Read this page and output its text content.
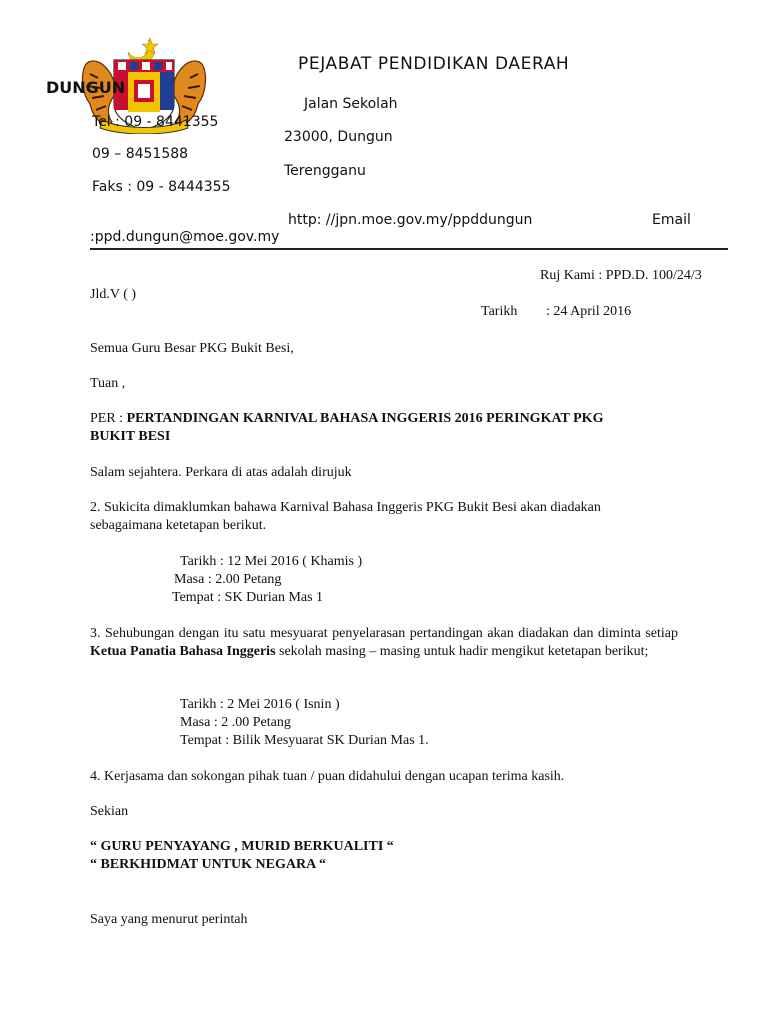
PEJABAT PENDIDIKAN DAERAH
DUNGUN
Jalan Sekolah
Tel : 09 - 8441355
23000, Dungun
09 – 8451588
Terengganu
Faks : 09 - 8444355
http: //jpn.moe.gov.my/ppddungun	Email
:ppd.dungun@moe.gov.my
Ruj Kami : PPD.D. 100/24/3
Jld.V ( )
Tarikh : 24 April 2016
Semua Guru Besar PKG Bukit Besi,
Tuan ,
PER : PERTANDINGAN KARNIVAL BAHASA INGGERIS 2016 PERINGKAT PKG
BUKIT BESI
Salam sejahtera. Perkara di atas adalah dirujuk
2. Sukicita dimaklumkan bahawa Karnival Bahasa Inggeris PKG Bukit Besi akan diadakan
sebagaimana ketetapan berikut.
Tarikh : 12 Mei 2016 ( Khamis )
Masa : 2.00 Petang
Tempat : SK Durian Mas 1
3. Sehubungan dengan itu satu mesyuarat penyelarasan pertandingan akan diadakan dan diminta setiap Ketua Panatia Bahasa Inggeris sekolah masing – masing untuk hadir mengikut ketetapan berikut;
Tarikh : 2 Mei 2016 ( Isnin )
Masa : 2 .00 Petang
Tempat : Bilik Mesyuarat SK Durian Mas 1.
4. Kerjasama dan sokongan pihak tuan / puan didahului dengan ucapan terima kasih.
Sekian
“ GURU PENYAYANG , MURID BERKUALITI “
“ BERKHIDMAT UNTUK NEGARA “
Saya yang menurut perintah
